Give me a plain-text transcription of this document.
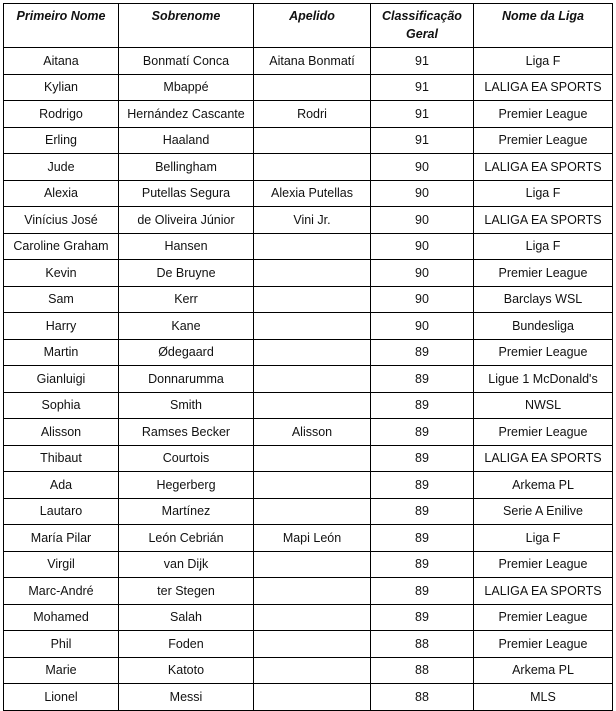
Primeiro Nome	Sobrenome	Apelido	Classificação Geral	Nome da Liga
Aitana	Bonmatí Conca	Aitana Bonmatí	91	Liga F
Kylian	Mbappé		91	LALIGA EA SPORTS
Rodrigo	Hernández Cascante	Rodri	91	Premier League
Erling	Haaland		91	Premier League
Jude	Bellingham		90	LALIGA EA SPORTS
Alexia	Putellas Segura	Alexia Putellas	90	Liga F
Vinícius José	de Oliveira Júnior	Vini Jr.	90	LALIGA EA SPORTS
Caroline Graham	Hansen		90	Liga F
Kevin	De Bruyne		90	Premier League
Sam	Kerr		90	Barclays WSL
Harry	Kane		90	Bundesliga
Martin	Ødegaard		89	Premier League
Gianluigi	Donnarumma		89	Ligue 1 McDonald's
Sophia	Smith		89	NWSL
Alisson	Ramses Becker	Alisson	89	Premier League
Thibaut	Courtois		89	LALIGA EA SPORTS
Ada	Hegerberg		89	Arkema PL
Lautaro	Martínez		89	Serie A Enilive
María Pilar	León Cebrián	Mapi León	89	Liga F
Virgil	van Dijk		89	Premier League
Marc-André	ter Stegen		89	LALIGA EA SPORTS
Mohamed	Salah		89	Premier League
Phil	Foden		88	Premier League
Marie	Katoto		88	Arkema PL
Lionel	Messi		88	MLS
